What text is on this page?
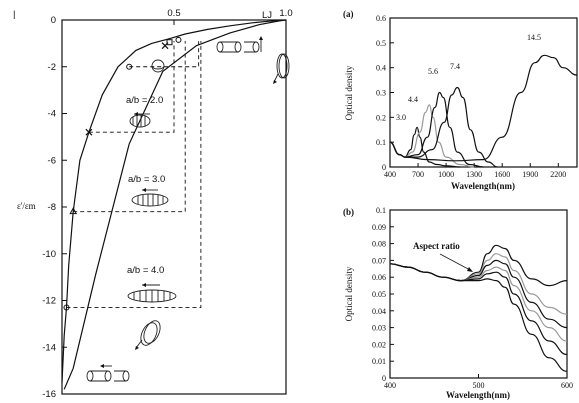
|
ε'/εm
LJ
0.5	1.0
0
-2
-4
-6
-8
-10
-12
-14
-16
a/b = 2.0
a/b = 3.0
a/b = 4.0
(a)
Optical density
Wavelength(nm)
400 700 1000 1300 1600 1900 2200
0
0.1
0.2
0.3
0.4
0.5
0.6
3.0
4.4
5.6
7.4
14.5
(b)
Optical density
Wavelength(nm)
400	500	600
0
0.01
0.02
0.03
0.04
0.05
0.06
0.07
0.08
0.09
0.1
Aspect ratio
